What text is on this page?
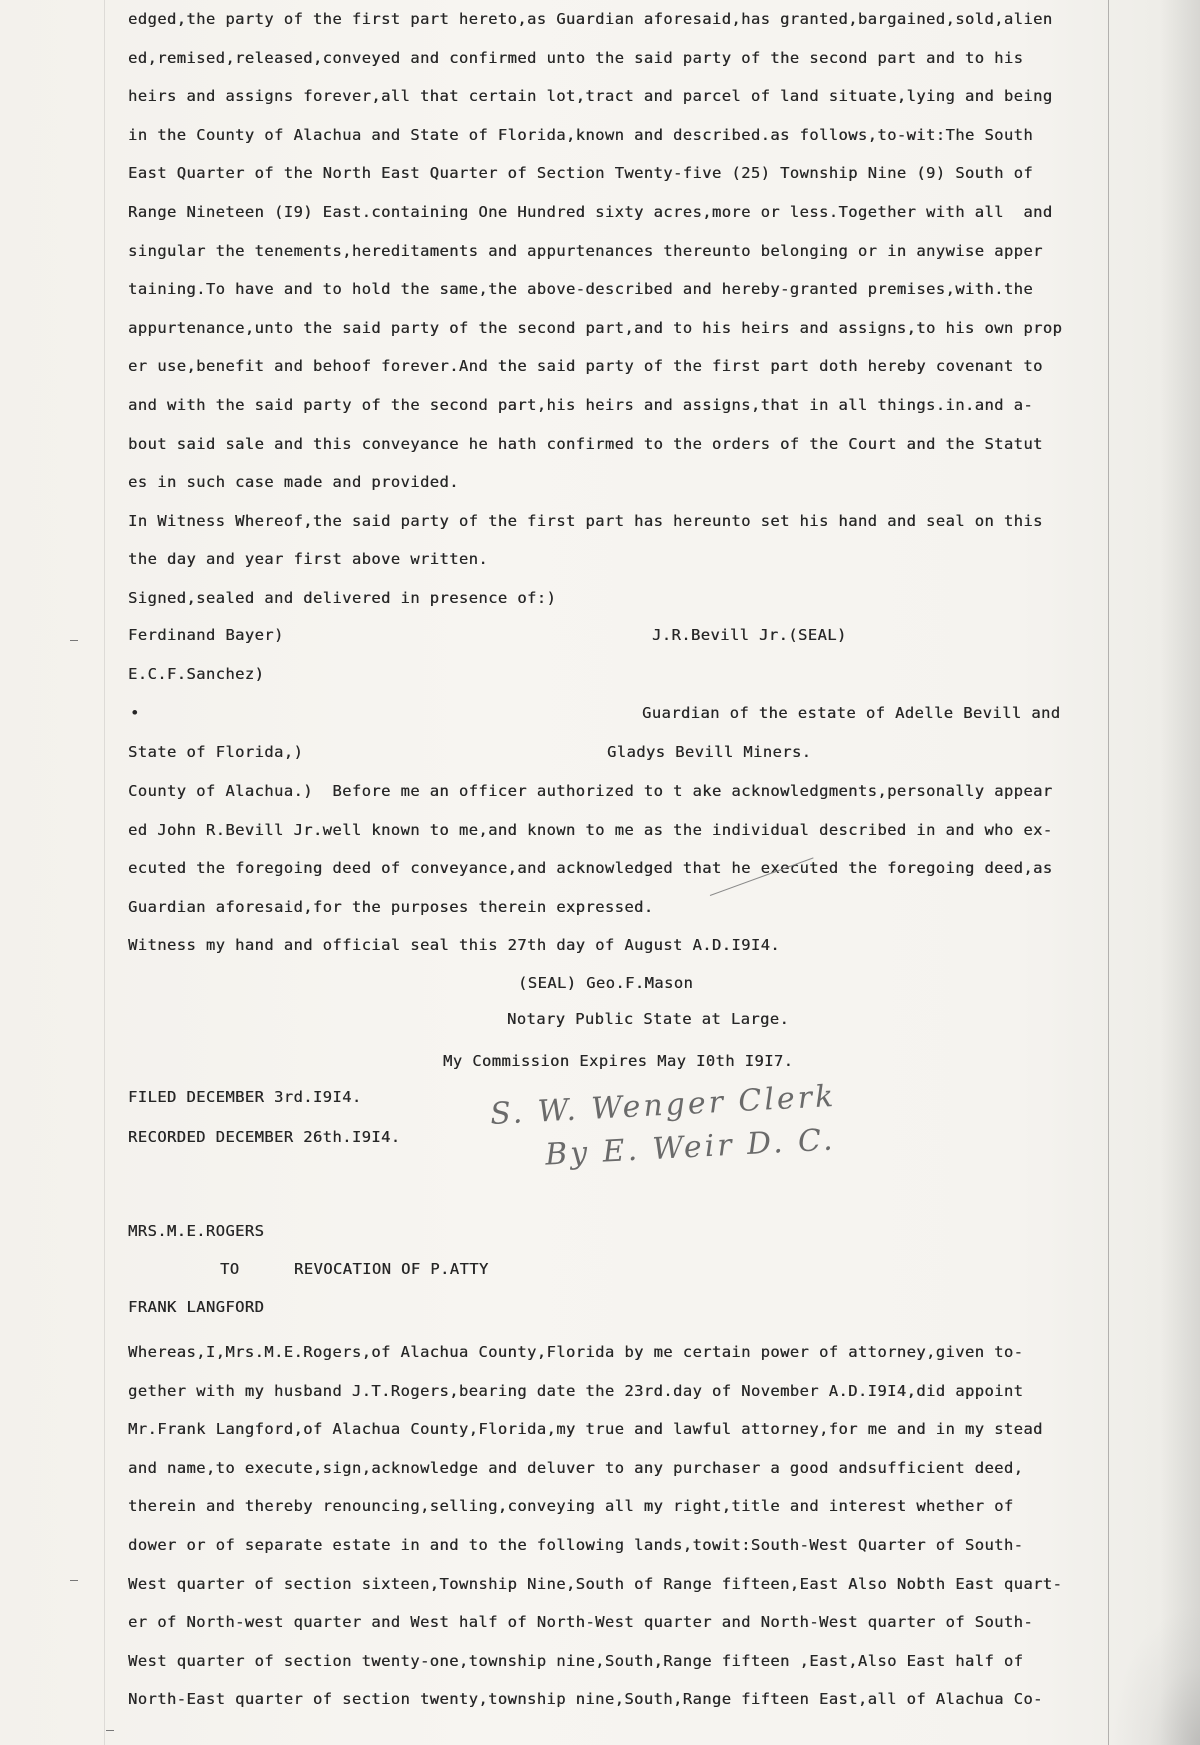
edged,the party of the first part hereto,as Guardian aforesaid,has granted,bargained,sold,alien
ed,remised,released,conveyed and confirmed unto the said party of the second part and to his
heirs and assigns forever,all that certain lot,tract and parcel of land situate,lying and being
in the County of Alachua and State of Florida,known and described.as follows,to-wit:The South
East Quarter of the North East Quarter of Section Twenty-five (25) Township Nine (9) South of
Range Nineteen (I9) East.containing One Hundred sixty acres,more or less.Together with all  and
singular the tenements,hereditaments and appurtenances thereunto belonging or in anywise apper
taining.To have and to hold the same,the above-described and hereby-granted premises,with.the
appurtenance,unto the said party of the second part,and to his heirs and assigns,to his own prop
er use,benefit and behoof forever.And the said party of the first part doth hereby covenant to
and with the said party of the second part,his heirs and assigns,that in all things.in.and a-
bout said sale and this conveyance he hath confirmed to the orders of the Court and the Statut
es in such case made and provided.
In Witness Whereof,the said party of the first part has hereunto set his hand and seal on this
the day and year first above written.
Signed,sealed and delivered in presence of:)
Ferdinand Bayer)	J.R.Bevill Jr.(SEAL)
E.C.F.Sanchez)
•	Guardian of the estate of Adelle Bevill and
State of Florida,)	Gladys Bevill Miners.
County of Alachua.)  Before me an officer authorized to t ake acknowledgments,personally appear
ed John R.Bevill Jr.well known to me,and known to me as the individual described in and who ex-
ecuted the foregoing deed of conveyance,and acknowledged that he executed the foregoing deed,as
Guardian aforesaid,for the purposes therein expressed.
Witness my hand and official seal this 27th day of August A.D.I9I4.
(SEAL) Geo.F.Mason
Notary Public State at Large.
My Commission Expires May I0th I9I7.
FILED DECEMBER 3rd.I9I4.
RECORDED DECEMBER 26th.I9I4.
S. W. Wenger Clerk
By E. Weir D. C.
MRS.M.E.ROGERS
TO	REVOCATION OF P.ATTY
FRANK LANGFORD
Whereas,I,Mrs.M.E.Rogers,of Alachua County,Florida by me certain power of attorney,given to-
gether with my husband J.T.Rogers,bearing date the 23rd.day of November A.D.I9I4,did appoint
Mr.Frank Langford,of Alachua County,Florida,my true and lawful attorney,for me and in my stead
and name,to execute,sign,acknowledge and deluver to any purchaser a good andsufficient deed,
therein and thereby renouncing,selling,conveying all my right,title and interest whether of
dower or of separate estate in and to the following lands,towit:South-West Quarter of South-
West quarter of section sixteen,Township Nine,South of Range fifteen,East Also Nobth East quart-
er of North-west quarter and West half of North-West quarter and North-West quarter of South-
West quarter of section twenty-one,township nine,South,Range fifteen ,East,Also East half of
North-East quarter of section twenty,township nine,South,Range fifteen East,all of Alachua Co-
